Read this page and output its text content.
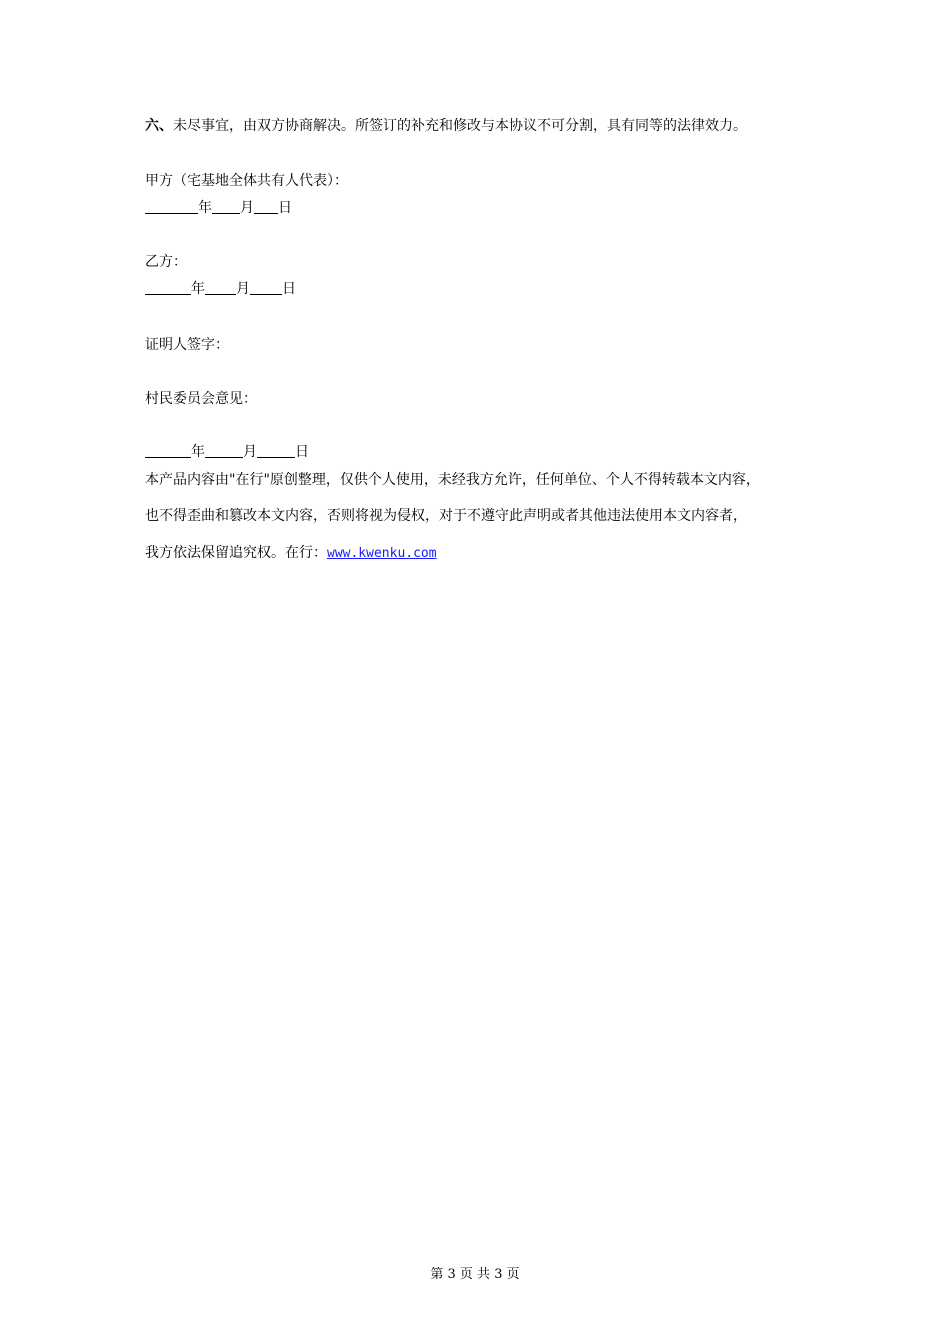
六、未尽事宜，由双方协商解决。所签订的补充和修改与本协议不可分割，具有同等的法律效力。
甲方（宅基地全体共有人代表）：
年 月 日
乙方：
年 月 日
证明人签字：
村民委员会意见：
年	月	日
本产品内容由"在行"原创整理，仅供个人使用，未经我方允许，任何单位、个人不得转载本文内容，
也不得歪曲和篡改本文内容，否则将视为侵权，对于不遵守此声明或者其他违法使用本文内容者，
我方依法保留追究权。在行：www.kwenku.com
第 3 页 共 3 页
